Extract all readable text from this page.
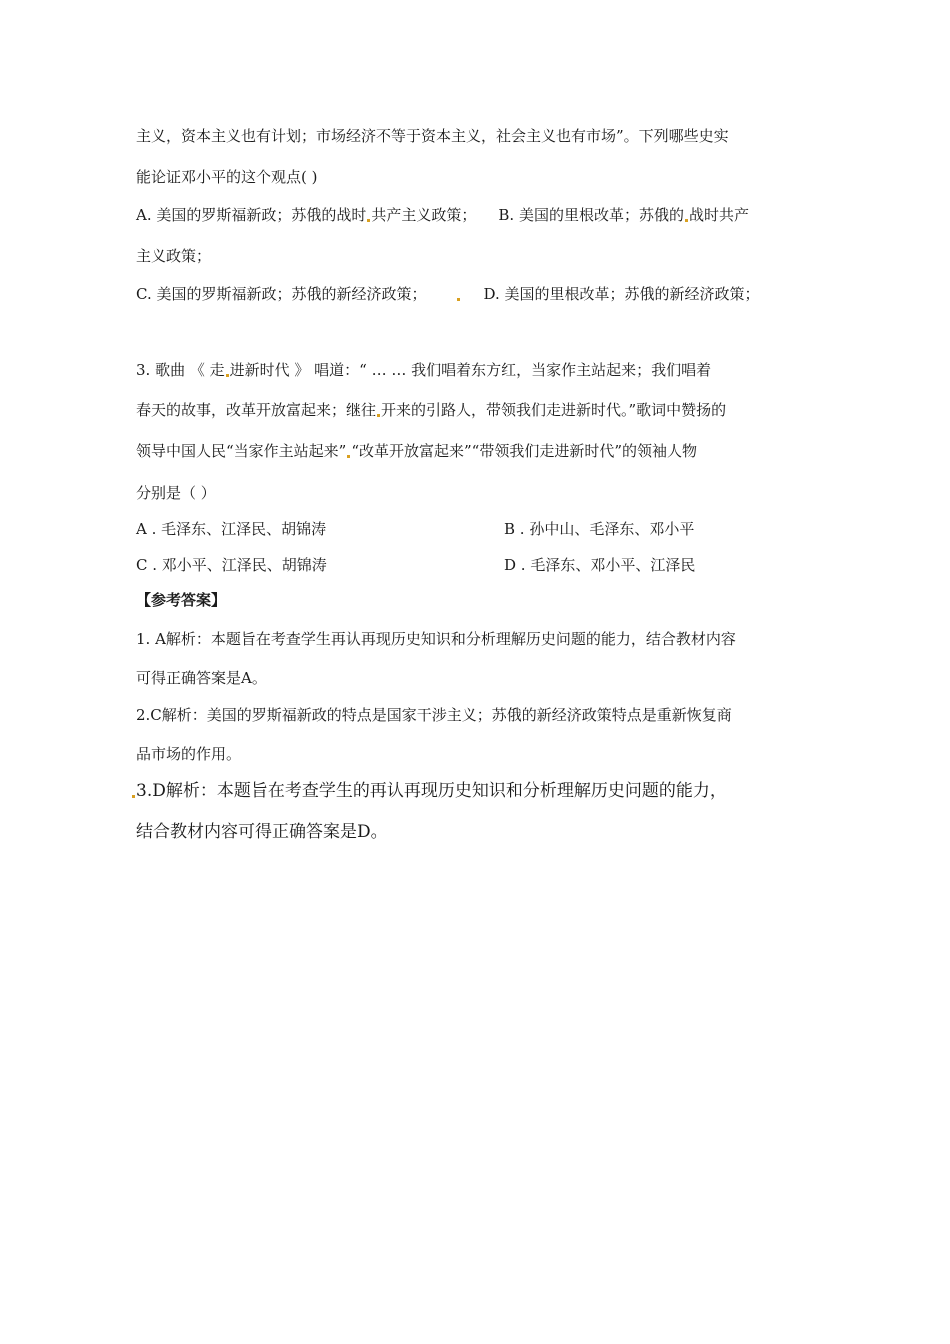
主义，资本主义也有计划；市场经济不等于资本主义，社会主义也有市场”。下列哪些史实
能论证邓小平的这个观点( )
A. 美国的罗斯福新政；苏俄的战时 共产主义政策； B. 美国的里根改革；苏俄的 战时共产
主义政策；
C. 美国的罗斯福新政；苏俄的新经济政策；	D. 美国的里根改革；苏俄的新经济政策；
3. 歌曲 《 走 进新时代 》 唱道：“ … … 我们唱着东方红，当家作主站起来；我们唱着
春天的故事，改革开放富起来；继往 开来的引路人，带领我们走进新时代。”歌词中赞扬的
领导中国人民“当家作主站起来” “改革开放富起来”“带领我们走进新时代”的领袖人物
分别是（ ）
A . 毛泽东、江泽民、胡锦涛	B . 孙中山、毛泽东、邓小平
C . 邓小平、江泽民、胡锦涛	D . 毛泽东、邓小平、江泽民
【参考答案】
1. A解析：本题旨在考查学生再认再现历史知识和分析理解历史问题的能力，结合教材内容
可得正确答案是A。
2.C解析：美国的罗斯福新政的特点是国家干涉主义；苏俄的新经济政策特点是重新恢复商
品市场的作用。
3.D解析：本题旨在考查学生的再认再现历史知识和分析理解历史问题的能力，
结合教材内容可得正确答案是D。
